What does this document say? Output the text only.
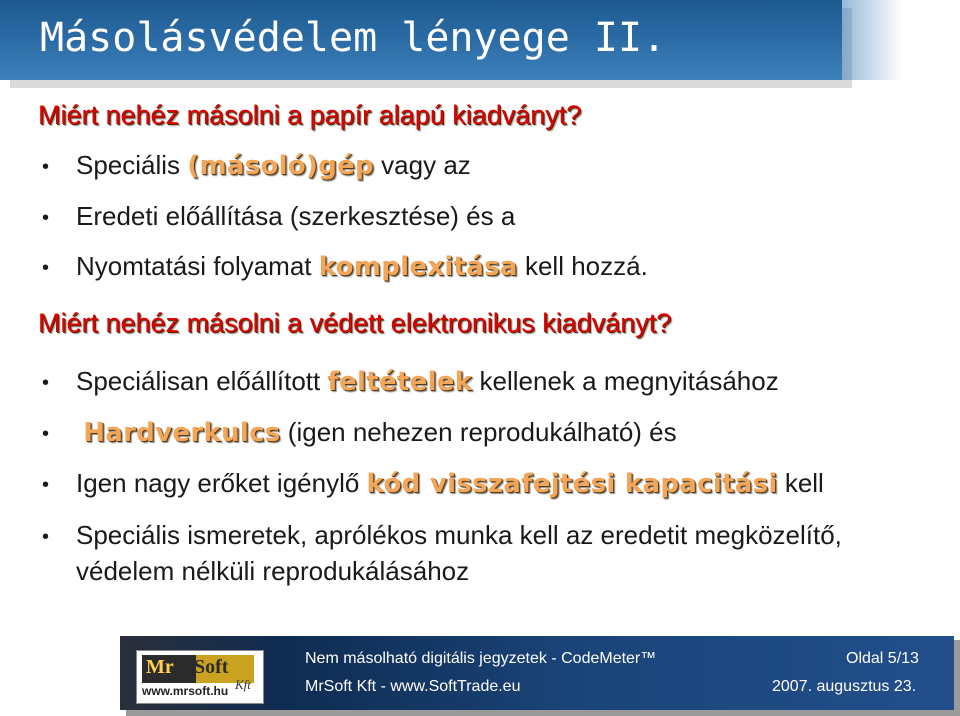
Másolásvédelem lényege II.
Miért nehéz másolni a papír alapú kiadványt?
• Speciális (másoló)gép vagy az
• Eredeti előállítása (szerkesztése) és a
• Nyomtatási folyamat komplexitása kell hozzá.
Miért nehéz másolni a védett elektronikus kiadványt?
• Speciálisan előállított feltételek kellenek a megnyitásához
• Hardverkulcs (igen nehezen reprodukálható) és
• Igen nagy erőket igénylő kód visszafejtési kapacitási kell
• Speciális ismeretek, aprólékos munka kell az eredetit megközelítő, védelem nélküli reprodukálásához
Mr Soft
Kft
www.mrsoft.hu
Nem másolható digitális jegyzetek - CodeMeter™
MrSoft Kft - www.SoftTrade.eu
Oldal 5/13
2007. augusztus 23.
